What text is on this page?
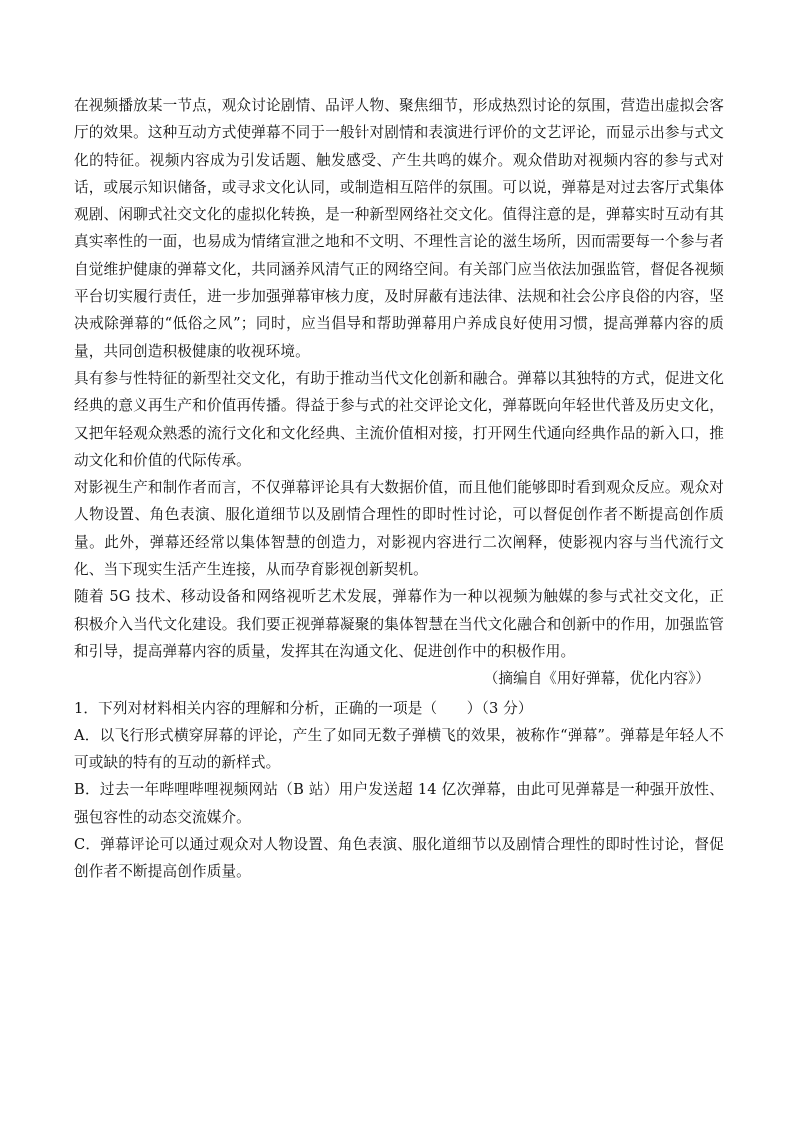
在视频播放某一节点，观众讨论剧情、品评人物、聚焦细节，形成热烈讨论的氛围，营造出虚拟会客厅的效果。这种互动方式使弹幕不同于一般针对剧情和表演进行评价的文艺评论，而显示出参与式文化的特征。视频内容成为引发话题、触发感受、产生共鸣的媒介。观众借助对视频内容的参与式对话，或展示知识储备，或寻求文化认同，或制造相互陪伴的氛围。可以说，弹幕是对过去客厅式集体观剧、闲聊式社交文化的虚拟化转换，是一种新型网络社交文化。值得注意的是，弹幕实时互动有其真实率性的一面，也易成为情绪宣泄之地和不文明、不理性言论的滋生场所，因而需要每一个参与者自觉维护健康的弹幕文化，共同涵养风清气正的网络空间。有关部门应当依法加强监管，督促各视频平台切实履行责任，进一步加强弹幕审核力度，及时屏蔽有违法律、法规和社会公序良俗的内容，坚决戒除弹幕的“低俗之风”；同时，应当倡导和帮助弹幕用户养成良好使用习惯，提高弹幕内容的质量，共同创造积极健康的收视环境。

具有参与性特征的新型社交文化，有助于推动当代文化创新和融合。弹幕以其独特的方式，促进文化经典的意义再生产和价值再传播。得益于参与式的社交评论文化，弹幕既向年轻世代普及历史文化，又把年轻观众熟悉的流行文化和文化经典、主流价值相对接，打开网生代通向经典作品的新入口，推动文化和价值的代际传承。

对影视生产和制作者而言，不仅弹幕评论具有大数据价值，而且他们能够即时看到观众反应。观众对人物设置、角色表演、服化道细节以及剧情合理性的即时性讨论，可以督促创作者不断提高创作质量。此外，弹幕还经常以集体智慧的创造力，对影视内容进行二次阐释，使影视内容与当代流行文化、当下现实生活产生连接，从而孕育影视创新契机。

随着 5G 技术、移动设备和网络视听艺术发展，弹幕作为一种以视频为触媒的参与式社交文化，正积极介入当代文化建设。我们要正视弹幕凝聚的集体智慧在当代文化融合和创新中的作用，加强监管和引导，提高弹幕内容的质量，发挥其在沟通文化、促进创作中的积极作用。

（摘编自《用好弹幕，优化内容》）

1．下列对材料相关内容的理解和分析，正确的一项是（　　）（3 分）

A．以飞行形式横穿屏幕的评论，产生了如同无数子弹横飞的效果，被称作“弹幕”。弹幕是年轻人不可或缺的特有的互动的新样式。

B．过去一年哔哩哔哩视频网站（B 站）用户发送超 14 亿次弹幕，由此可见弹幕是一种强开放性、强包容性的动态交流媒介。

C．弹幕评论可以通过观众对人物设置、角色表演、服化道细节以及剧情合理性的即时性讨论，督促创作者不断提高创作质量。
